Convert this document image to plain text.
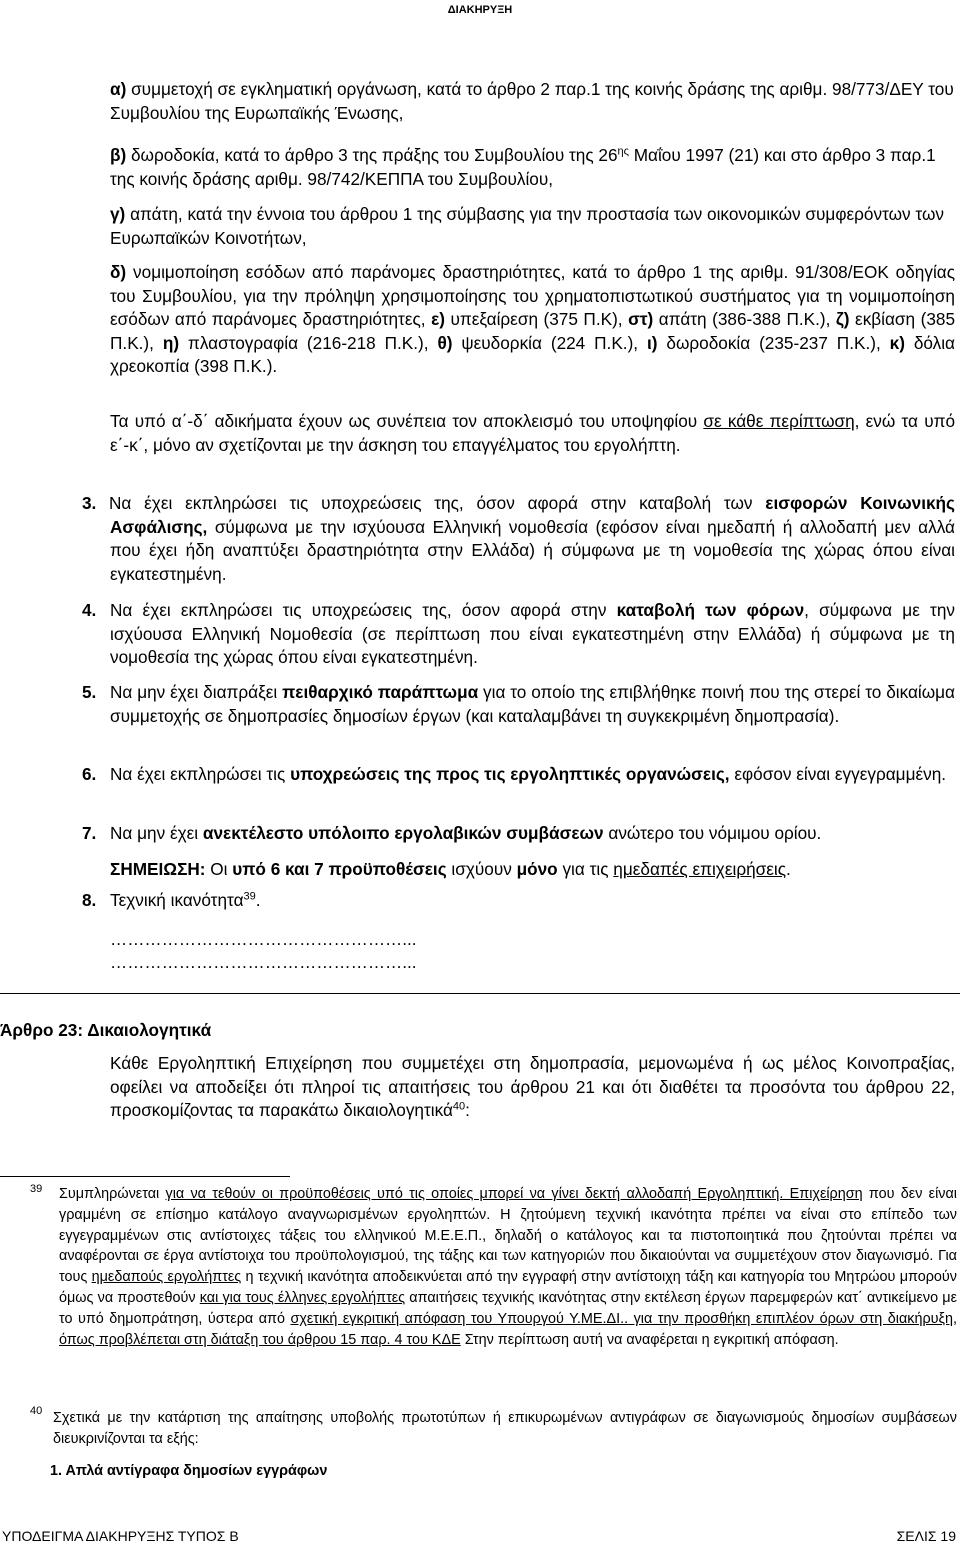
ΔΙΑΚΗΡΥΞΗ

α) συμμετοχή σε εγκληματική οργάνωση, κατά το άρθρο 2 παρ.1 της κοινής δράσης της αριθμ. 98/773/ΔΕΥ του Συμβουλίου της Ευρωπαϊκής Ένωσης,

β) δωροδοκία, κατά το άρθρο 3 της πράξης του Συμβουλίου της $26^{\eta\varsigma}$ Μαΐου 1997 (21) και στο άρθρο 3 παρ.1 της κοινής δράσης αριθμ. 98/742/ΚΕΠΠΑ του Συμβουλίου,

γ) απάτη, κατά την έννοια του άρθρου 1 της σύμβασης για την προστασία των οικονομικών συμφερόντων των Ευρωπαϊκών Κοινοτήτων,

δ) νομιμοποίηση εσόδων από παράνομες δραστηριότητες, κατά το άρθρο 1 της αριθμ. 91/308/ΕΟΚ οδηγίας του Συμβουλίου, για την πρόληψη χρησιμοποίησης του χρηματοπιστωτικού συστήματος για τη νομιμοποίηση εσόδων από παράνομες δραστηριότητες, ε) υπεξαίρεση (375 Π.Κ), στ) απάτη (386-388 Π.Κ.), ζ) εκβίαση (385 Π.Κ.), η) πλαστογραφία (216-218 Π.Κ.), θ) ψευδορκία (224 Π.Κ.), ι) δωροδοκία (235-237 Π.Κ.), κ) δόλια χρεοκοπία (398 Π.Κ.).

Τα υπό α΄-δ΄ αδικήματα έχουν ως συνέπεια τον αποκλεισμό του υποψηφίου σε κάθε περίπτωση, ενώ τα υπό ε΄-κ΄, μόνο αν σχετίζονται με την άσκηση του επαγγέλματος του εργολήπτη.

3. Να έχει εκπληρώσει τις υποχρεώσεις της, όσον αφορά στην καταβολή των εισφορών Κοινωνικής Ασφάλισης, σύμφωνα με την ισχύουσα Ελληνική νομοθεσία (εφόσον είναι ημεδαπή ή αλλοδαπή μεν αλλά που έχει ήδη αναπτύξει δραστηριότητα στην Ελλάδα) ή σύμφωνα με τη νομοθεσία της χώρας όπου είναι εγκατεστημένη.

4. Να έχει εκπληρώσει τις υποχρεώσεις της, όσον αφορά στην καταβολή των φόρων, σύμφωνα με την ισχύουσα Ελληνική Νομοθεσία (σε περίπτωση που είναι εγκατεστημένη στην Ελλάδα) ή σύμφωνα με τη νομοθεσία της χώρας όπου είναι εγκατεστημένη.

5. Να μην έχει διαπράξει πειθαρχικό παράπτωμα για το οποίο της επιβλήθηκε ποινή που της στερεί το δικαίωμα συμμετοχής σε δημοπρασίες δημοσίων έργων (και καταλαμβάνει τη συγκεκριμένη δημοπρασία).

6. Να έχει εκπληρώσει τις υποχρεώσεις της προς τις εργοληπτικές οργανώσεις, εφόσον είναι εγγεγραμμένη.

7. Να μην έχει ανεκτέλεστο υπόλοιπο εργολαβικών συμβάσεων ανώτερο του νόμιμου ορίου.

ΣΗΜΕΙΩΣΗ: Οι υπό 6 και 7 προϋποθέσεις ισχύουν μόνο για τις ημεδαπές επιχειρήσεις.

8. Τεχνική ικανότητα$^{39}$.

……………………………………………...

……………………………………………...

Άρθρο 23: Δικαιολογητικά

Κάθε Εργοληπτική Επιχείρηση που συμμετέχει στη δημοπρασία, μεμονωμένα ή ως μέλος Κοινοπραξίας, οφείλει να αποδείξει ότι πληροί τις απαιτήσεις του άρθρου 21 και ότι διαθέτει τα προσόντα του άρθρου 22, προσκομίζοντας τα παρακάτω δικαιολογητικά$^{40}$:

39 Συμπληρώνεται για να τεθούν οι προϋποθέσεις υπό τις οποίες μπορεί να γίνει δεκτή αλλοδαπή Εργοληπτική. Επιχείρηση που δεν είναι γραμμένη σε επίσημο κατάλογο αναγνωρισμένων εργοληπτών. Η ζητούμενη τεχνική ικανότητα πρέπει να είναι στο επίπεδο των εγγεγραμμένων στις αντίστοιχες τάξεις του ελληνικού Μ.Ε.Ε.Π., δηλαδή ο κατάλογος και τα πιστοποιητικά που ζητούνται πρέπει να αναφέρονται σε έργα αντίστοιχα του προϋπολογισμού, της τάξης και των κατηγοριών που δικαιούνται να συμμετέχουν στον διαγωνισμό. Για τους ημεδαπούς εργολήπτες η τεχνική ικανότητα αποδεικνύεται από την εγγραφή στην αντίστοιχη τάξη και κατηγορία του Μητρώου μπορούν όμως να προστεθούν και για τους έλληνες εργολήπτες απαιτήσεις τεχνικής ικανότητας στην εκτέλεση έργων παρεμφερών κατ΄ αντικείμενο με το υπό δημοπράτηση, ύστερα από σχετική εγκριτική απόφαση του Υπουργού Υ.ΜΕ.ΔΙ.. για την προσθήκη επιπλέον όρων στη διακήρυξη, όπως προβλέπεται στη διάταξη του άρθρου 15 παρ. 4 του ΚΔΕ Στην περίπτωση αυτή να αναφέρεται η εγκριτική απόφαση.

40 Σχετικά με την κατάρτιση της απαίτησης υποβολής πρωτοτύπων ή επικυρωμένων αντιγράφων σε διαγωνισμούς δημοσίων συμβάσεων διευκρινίζονται τα εξής:

1. Απλά αντίγραφα δημοσίων εγγράφων

ΥΠΟΔΕΙΓΜΑ ΔΙΑΚΗΡΥΞΗΣ ΤΥΠΟΣ Β	ΣΕΛΙΣ 19
